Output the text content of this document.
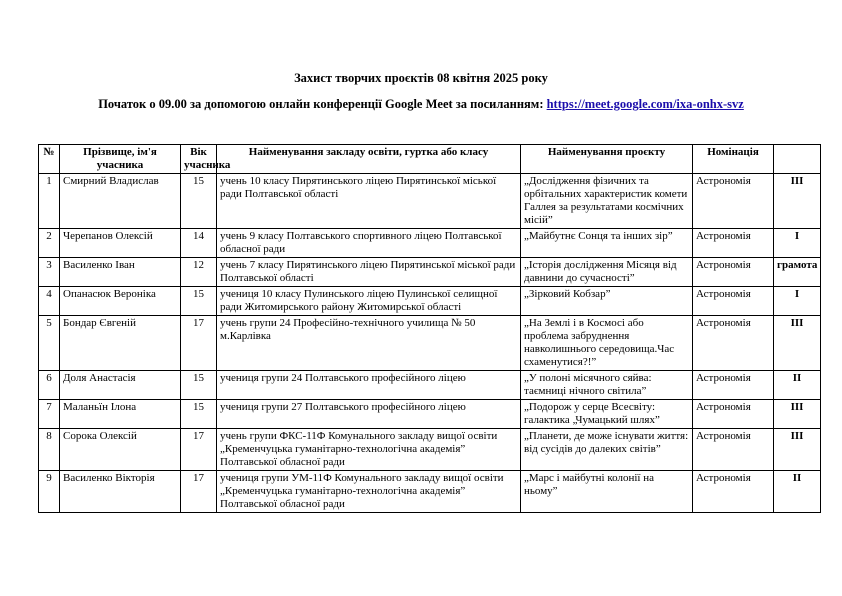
Захист творчих проєктів 08 квітня 2025 року
Початок о 09.00 за допомогою онлайн конференції Google Meet за посиланням: https://meet.google.com/ixa-onhx-svz
№	Прізвище, ім'я учасника	Вік учасника	Найменування закладу освіти, гуртка або класу	Найменування проєкту	Номінація	
1	Смирний Владислав	15	учень 10 класу Пирятинського ліцею Пирятинської міської ради Полтавської області	„Дослідження фізичних та орбітальних характеристик комети Галлея за результатами космічних місій”	Астрономія	ІІІ
2	Черепанов Олексій	14	учень 9 класу Полтавського спортивного ліцею Полтавської обласної ради	„Майбутнє Сонця та інших зір”	Астрономія	І
3	Василенко Іван	12	учень 7 класу Пирятинського ліцею Пирятинської міської ради Полтавської області	„Історія дослідження Місяця від давнини до сучасності”	Астрономія	грамота
4	Опанасюк Вероніка	15	учениця 10 класу Пулинського ліцею Пулинської селищної ради Житомирського району Житомирської області	„Зірковий Кобзар”	Астрономія	І
5	Бондар Євгеній	17	учень групи 24 Професійно-технічного училища № 50 м.Карлівка	„На Землі і в Космосі або проблема забруднення навколишнього середовища.Час схаменутися?!”	Астрономія	ІІІ
6	Доля Анастасія	15	учениця групи 24 Полтавського професійного ліцею	„У полоні місячного сяйва: таємниці нічного світила”	Астрономія	ІІ
7	Маланьїн Ілона	15	учениця групи 27 Полтавського професійного ліцею	„Подорож у серце Всесвіту: галактика „Чумацький шлях”	Астрономія	ІІІ
8	Сорока Олексій	17	учень групи ФКС-11Ф Комунального закладу вищої освіти „Кременчуцька гуманітарно-технологічна академія” Полтавської обласної ради	„Планети, де може існувати життя: від сусідів до далеких світів”	Астрономія	ІІІ
9	Василенко Вікторія	17	учениця групи УМ-11Ф Комунального закладу вищої освіти „Кременчуцька гуманітарно-технологічна академія” Полтавської обласної ради	„Марс і майбутні колонії на ньому”	Астрономія	ІІ
